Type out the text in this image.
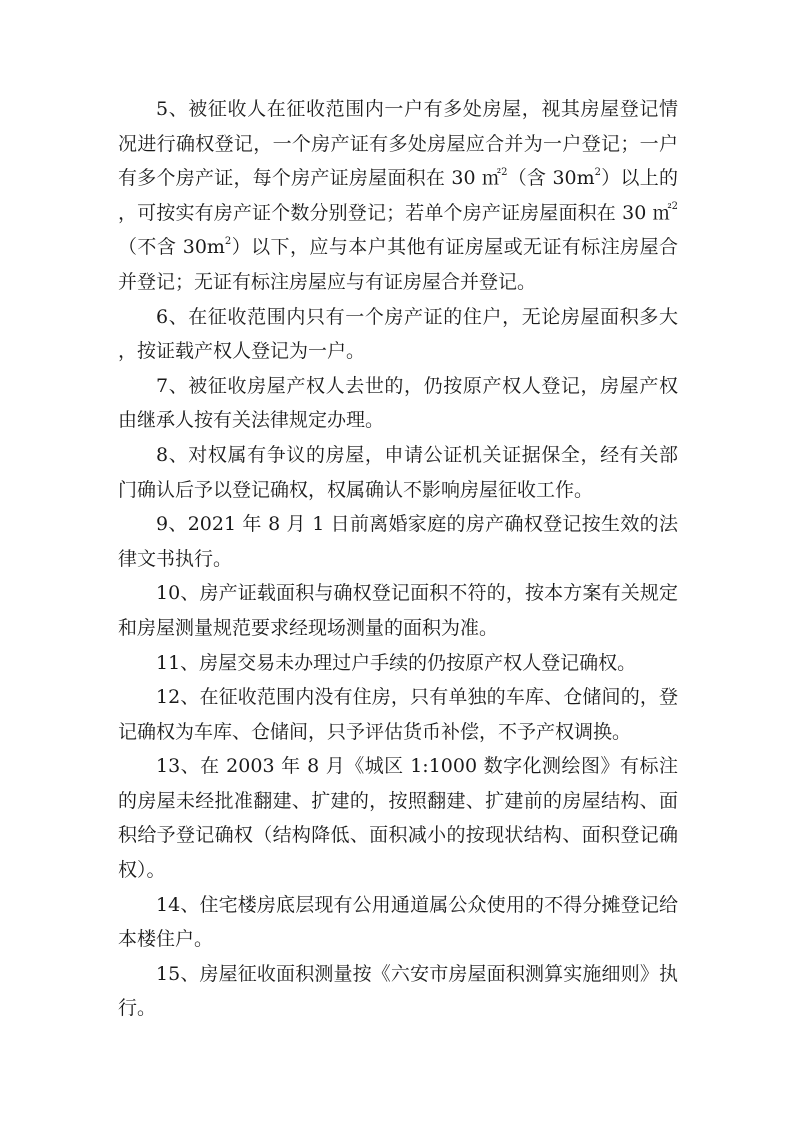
5、被征收人在征收范围内一户有多处房屋，视其房屋登记情况进行确权登记，一个房产证有多处房屋应合并为一户登记；一户有多个房产证，每个房产证房屋面积在 30 ㎡$^2$（含 $30m^2$）以上的，可按实有房产证个数分别登记；若单个房产证房屋面积在 30 ㎡$^2$（不含 $30m^2$）以下，应与本户其他有证房屋或无证有标注房屋合并登记；无证有标注房屋应与有证房屋合并登记。

6、在征收范围内只有一个房产证的住户，无论房屋面积多大，按证载产权人登记为一户。

7、被征收房屋产权人去世的，仍按原产权人登记，房屋产权由继承人按有关法律规定办理。

8、对权属有争议的房屋，申请公证机关证据保全，经有关部门确认后予以登记确权，权属确认不影响房屋征收工作。

9、2021 年 8 月 1 日前离婚家庭的房产确权登记按生效的法律文书执行。

10、房产证载面积与确权登记面积不符的，按本方案有关规定和房屋测量规范要求经现场测量的面积为准。

11、房屋交易未办理过户手续的仍按原产权人登记确权。

12、在征收范围内没有住房，只有单独的车库、仓储间的，登记确权为车库、仓储间，只予评估货币补偿，不予产权调换。

13、在 2003 年 8 月《城区 1:1000 数字化测绘图》有标注的房屋未经批准翻建、扩建的，按照翻建、扩建前的房屋结构、面积给予登记确权（结构降低、面积减小的按现状结构、面积登记确权）。

14、住宅楼房底层现有公用通道属公众使用的不得分摊登记给本楼住户。

15、房屋征收面积测量按《六安市房屋面积测算实施细则》执行。
